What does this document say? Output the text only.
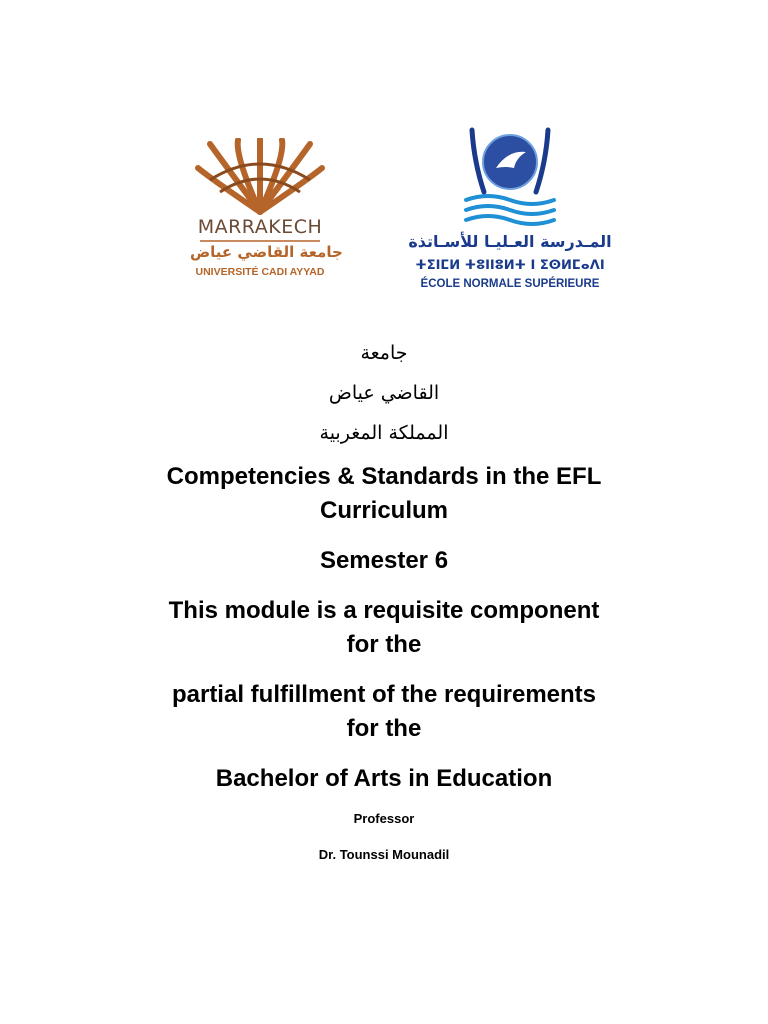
MARRAKECH
جامعة القاضي عياض
UNIVERSITÉ CADI AYYAD
المـدرسة العـليـا للأسـاتذة
ⵜⵉⵏⵎⵍ ⵜⵓⵏⵏⵓⵍⵜ ⵏ ⵉⵙⵍⵎⴰⴷⵏ
ÉCOLE NORMALE SUPÉRIEURE
جامعة
القاضي عياض
المملكة المغربية
Competencies & Standards in the EFL
Curriculum
Semester 6
This module is a requisite component
for the
partial fulfillment of the requirements
for the
Bachelor of Arts in Education
Professor
Dr. Tounssi Mounadil
